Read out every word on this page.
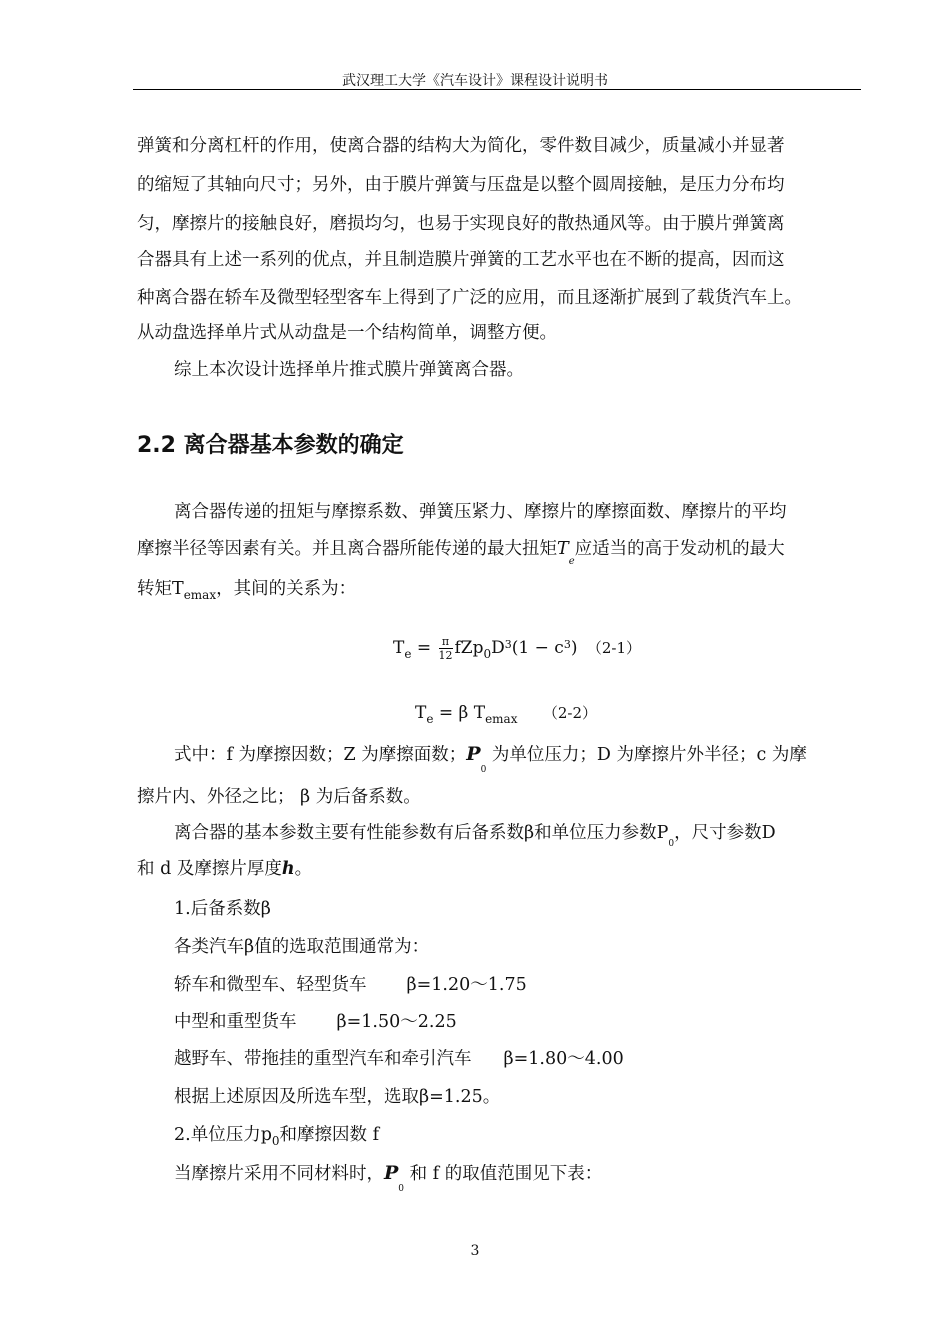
武汉理工大学《汽车设计》课程设计说明书
弹簧和分离杠杆的作用，使离合器的结构大为简化，零件数目减少，质量减小并显著
的缩短了其轴向尺寸；另外，由于膜片弹簧与压盘是以整个圆周接触，是压力分布均
匀，摩擦片的接触良好，磨损均匀，也易于实现良好的散热通风等。由于膜片弹簧离
合器具有上述一系列的优点，并且制造膜片弹簧的工艺水平也在不断的提高，因而这
种离合器在轿车及微型轻型客车上得到了广泛的应用，而且逐渐扩展到了载货汽车上。
从动盘选择单片式从动盘是一个结构简单，调整方便。
综上本次设计选择单片推式膜片弹簧离合器。
2.2 离合器基本参数的确定
离合器传递的扭矩与摩擦系数、弹簧压紧力、摩擦片的摩擦面数、摩擦片的平均
摩擦半径等因素有关。并且离合器所能传递的最大扭矩$T_e$应适当的高于发动机的最大
转矩$T_{emax}$，其间的关系为：
$T_e = \frac{\pi}{12} fZp_0D^3(1 - c^3)$ （2-1）
$T_e = \beta$ $T_{emax}$ （2-2）
式中：f 为摩擦因数；Z 为摩擦面数；$P_0$ 为单位压力；D 为摩擦片外半径；c 为摩
擦片内、外径之比； β 为后备系数。
离合器的基本参数主要有性能参数有后备系数β和单位压力参数$P_0$，尺寸参数D
和 d 及摩擦片厚度h。
1.后备系数β
各类汽车β值的选取范围通常为：
轿车和微型车、轻型货车 β=1.20～1.75
中型和重型货车 β=1.50～2.25
越野车、带拖挂的重型汽车和牵引汽车 β=1.80～4.00
根据上述原因及所选车型，选取β=1.25。
2.单位压力$p_0$和摩擦因数 f
当摩擦片采用不同材料时，$P_0$ 和 f 的取值范围见下表：
3
